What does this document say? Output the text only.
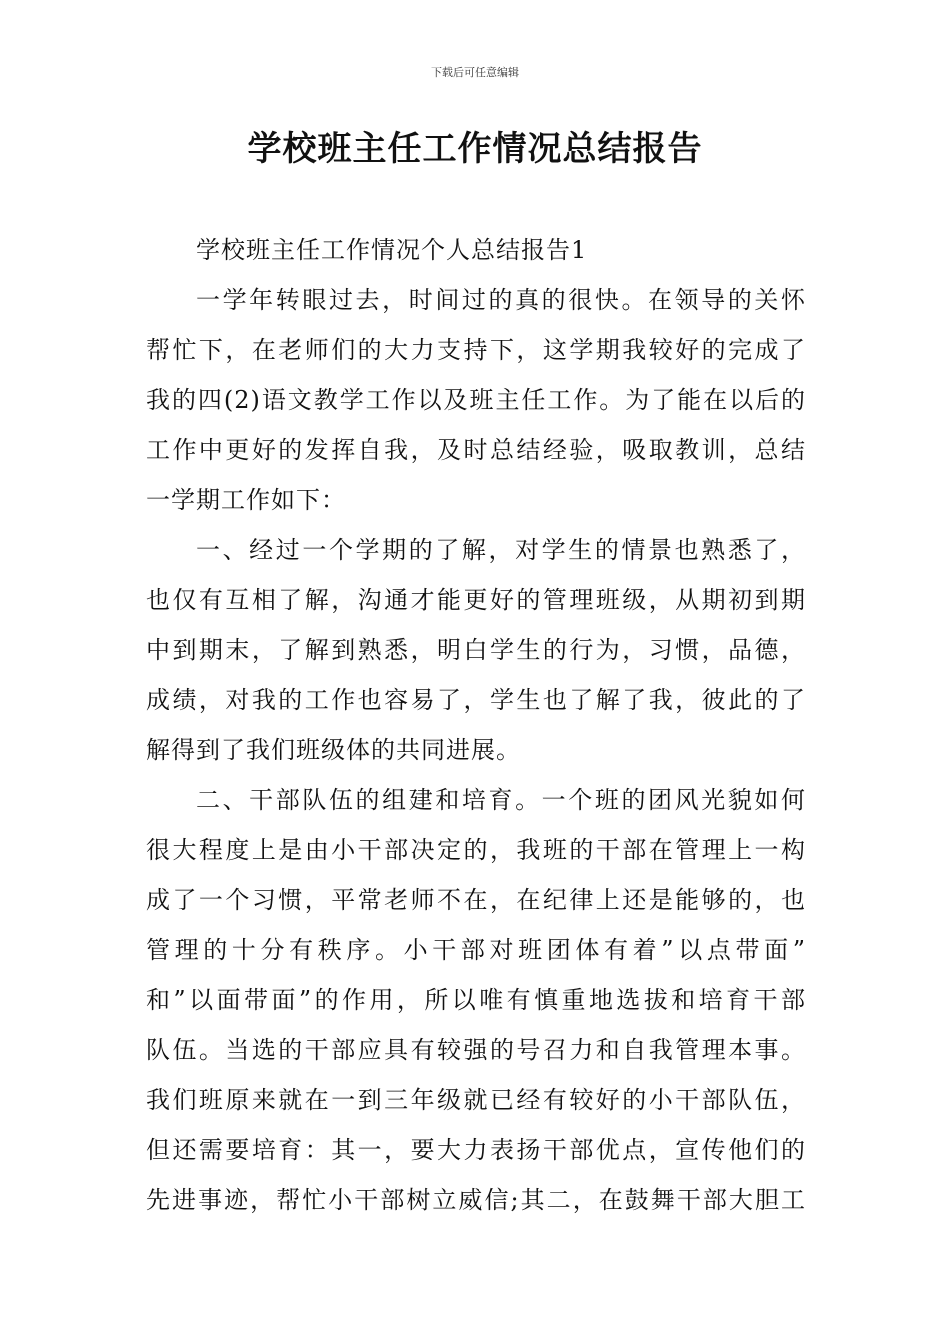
下载后可任意编辑
学校班主任工作情况总结报告
学校班主任工作情况个人总结报告1
一学年转眼过去，时间过的真的很快。在领导的关怀
帮忙下，在老师们的大力支持下，这学期我较好的完成了
我的四(2)语文教学工作以及班主任工作。为了能在以后的
工作中更好的发挥自我，及时总结经验，吸取教训，总结
一学期工作如下：
一、经过一个学期的了解，对学生的情景也熟悉了，
也仅有互相了解，沟通才能更好的管理班级，从期初到期
中到期末，了解到熟悉，明白学生的行为，习惯，品德，
成绩，对我的工作也容易了，学生也了解了我，彼此的了
解得到了我们班级体的共同进展。
二、干部队伍的组建和培育。一个班的团风光貌如何
很大程度上是由小干部决定的，我班的干部在管理上一构
成了一个习惯，平常老师不在，在纪律上还是能够的，也
管理的十分有秩序。小干部对班团体有着”以点带面”
和”以面带面”的作用，所以唯有慎重地选拔和培育干部
队伍。当选的干部应具有较强的号召力和自我管理本事。
我们班原来就在一到三年级就已经有较好的小干部队伍，
但还需要培育：其一，要大力表扬干部优点，宣传他们的
先进事迹，帮忙小干部树立威信;其二，在鼓舞干部大胆工
